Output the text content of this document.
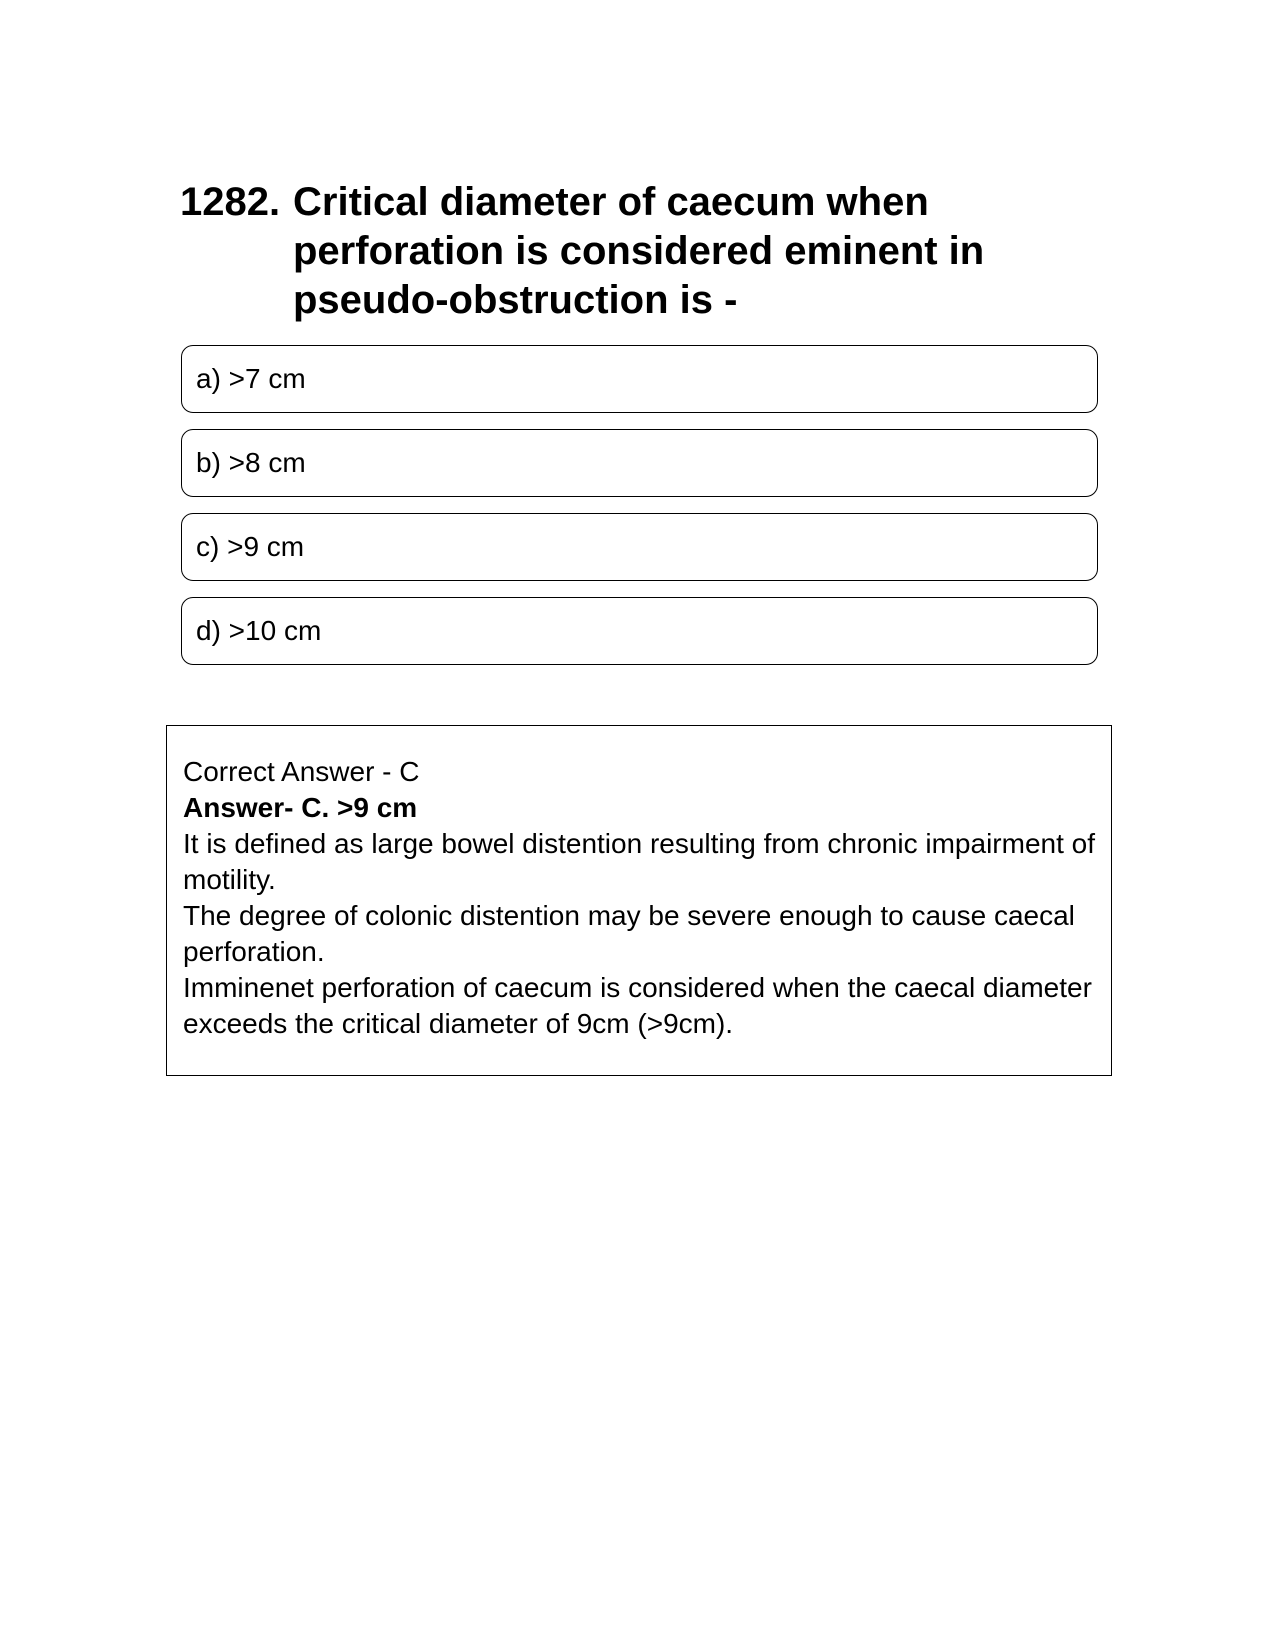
1282. Critical diameter of caecum when perforation is considered eminent in pseudo-obstruction is -
a) >7 cm
b) >8 cm
c) >9 cm
d) >10 cm
Correct Answer - C
Answer- C. >9 cm
It is defined as large bowel distention resulting from chronic impairment of motility.
The degree of colonic distention may be severe enough to cause caecal perforation.
Imminenet perforation of caecum is considered when the caecal diameter exceeds the critical diameter of 9cm (>9cm).
